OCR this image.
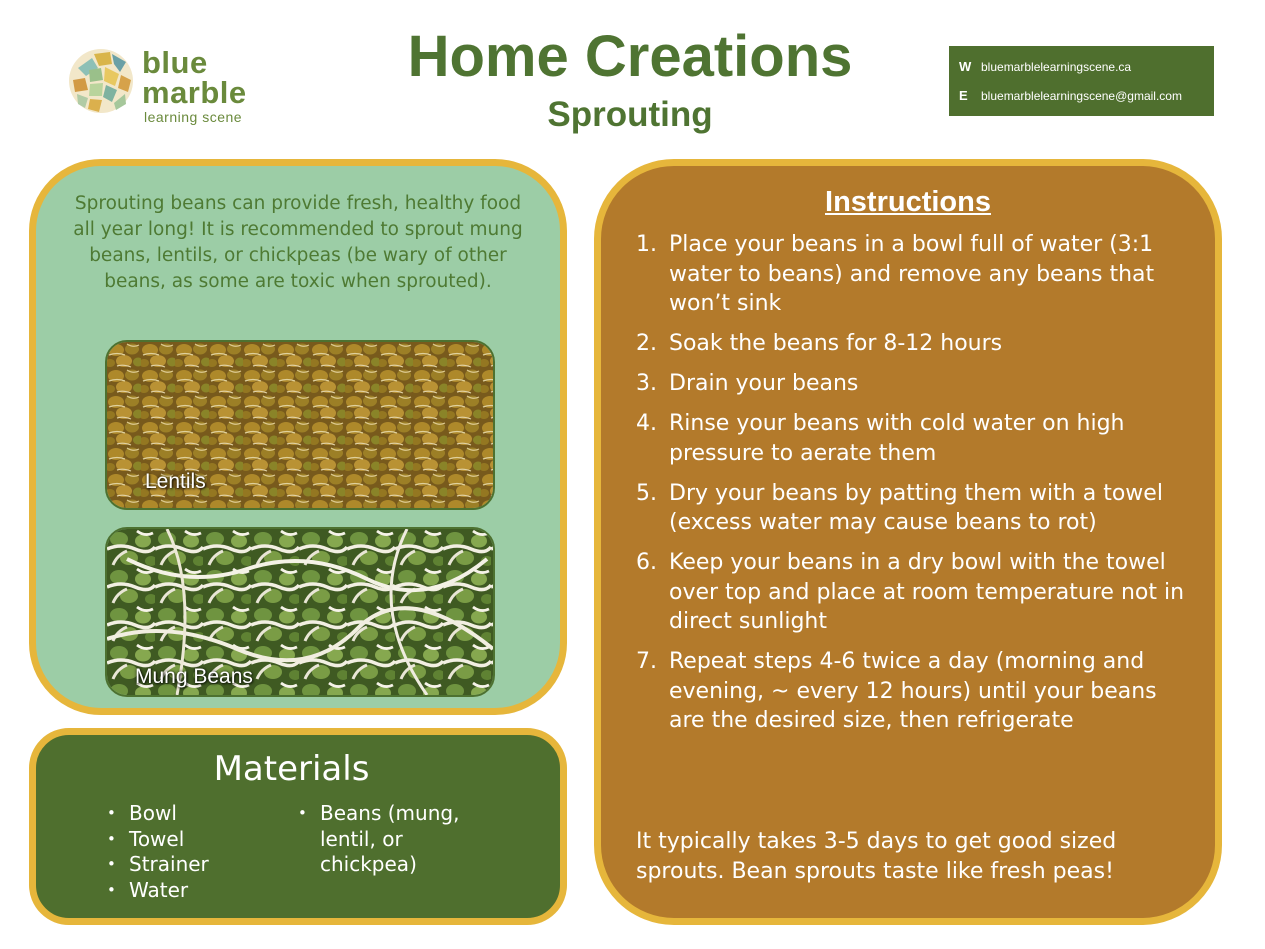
blue
marble
learning scene
Home Creations
Sprouting
W bluemarblelearningscene.ca
E	bluemarblelearningscene@gmail.com
Sprouting beans can provide fresh, healthy food all year long! It is recommended to sprout mung beans, lentils, or chickpeas (be wary of other beans, as some are toxic when sprouted).
Lentils
Mung Beans
Materials
• Bowl
• Towel
• Strainer
• Water
• Beans (mung, lentil, or chickpea)
Instructions
1. Place your beans in a bowl full of water (3:1 water to beans) and remove any beans that won’t sink
2. Soak the beans for 8-12 hours
3. Drain your beans
4. Rinse your beans with cold water on high pressure to aerate them
5. Dry your beans by patting them with a towel (excess water may cause beans to rot)
6. Keep your beans in a dry bowl with the towel over top and place at room temperature not in direct sunlight
7. Repeat steps 4-6 twice a day (morning and evening, ~ every 12 hours) until your beans are the desired size, then refrigerate
It typically takes 3-5 days to get good sized sprouts. Bean sprouts taste like fresh peas!
